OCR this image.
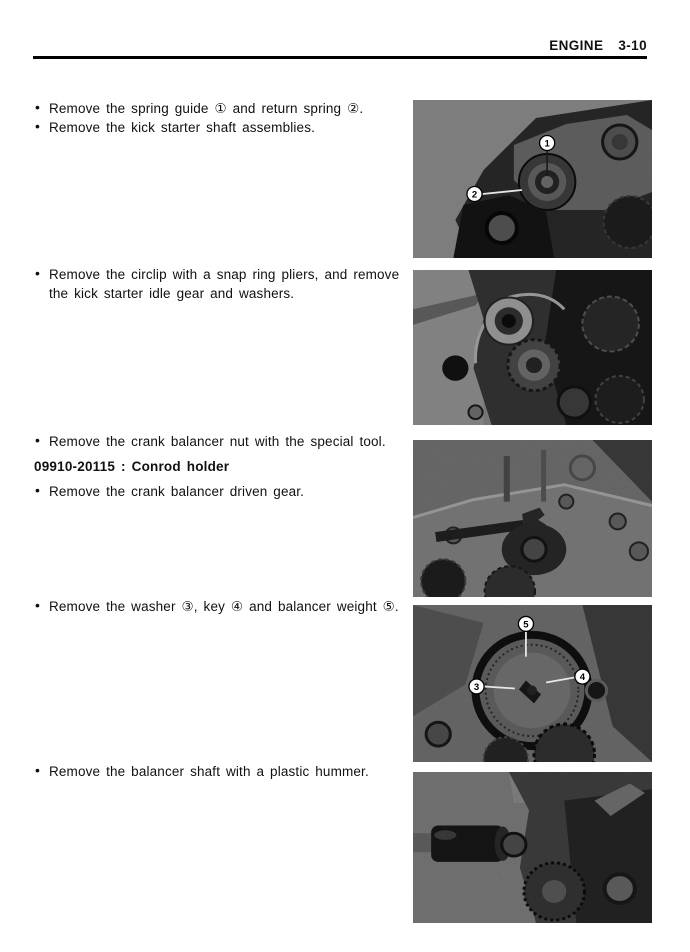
ENGINE 3-10
• Remove the spring guide ① and return spring ②.
• Remove the kick starter shaft assemblies.
• Remove the circlip with a snap ring pliers, and remove the kick starter idle gear and washers.
• Remove the crank balancer nut with the special tool.
09910-20115 : Conrod holder
• Remove the crank balancer driven gear.
• Remove the washer ③, key ④ and balancer weight ⑤.
• Remove the balancer shaft with a plastic hummer.
1
2
5
3
4
